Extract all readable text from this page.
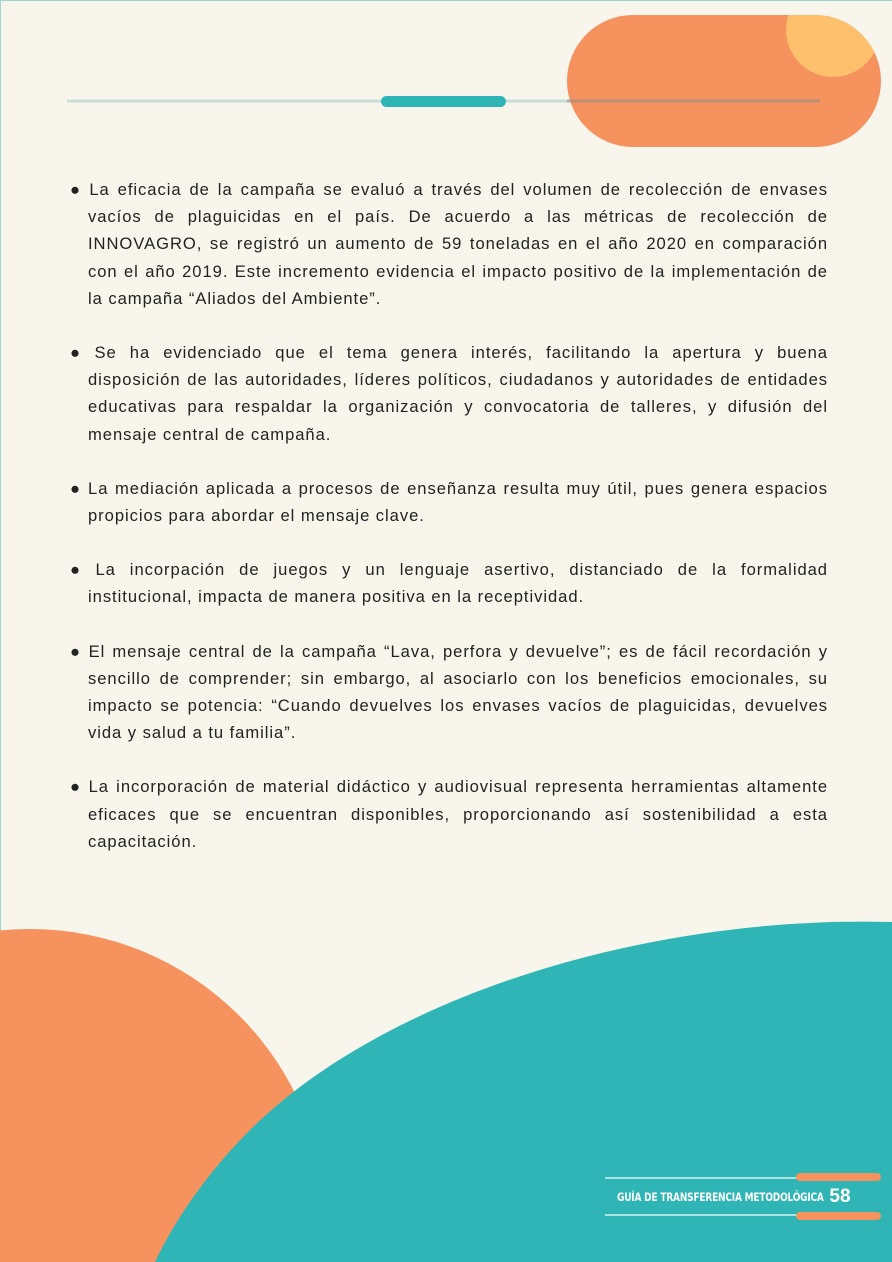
● La eficacia de la campaña se evaluó a través del volumen de recolección de envases vacíos de plaguicidas en el país. De acuerdo a las métricas de recolección de INNOVAGRO, se registró un aumento de 59 toneladas en el año 2020 en comparación con el año 2019. Este incremento evidencia el impacto positivo de la implementación de la campaña “Aliados del Ambiente”.
● Se ha evidenciado que el tema genera interés, facilitando la apertura y buena disposición de las autoridades, líderes políticos, ciudadanos y autoridades de entidades educativas para respaldar la organización y convocatoria de talleres, y difusión del mensaje central de campaña.
● La mediación aplicada a procesos de enseñanza resulta muy útil, pues genera espacios propicios para abordar el mensaje clave.
● La incorpación de juegos y un lenguaje asertivo, distanciado de la formalidad institucional, impacta de manera positiva en la receptividad.
● El mensaje central de la campaña “Lava, perfora y devuelve”; es de fácil recordación y sencillo de comprender; sin embargo, al asociarlo con los beneficios emocionales, su impacto se potencia: “Cuando devuelves los envases vacíos de plaguicidas, devuelves vida y salud a tu familia”.
● La incorporación de material didáctico y audiovisual representa herramientas altamente eficaces que se encuentran disponibles, proporcionando así sostenibilidad a esta capacitación.
GUÍA DE TRANSFERENCIA METODOLÓGICA 58
